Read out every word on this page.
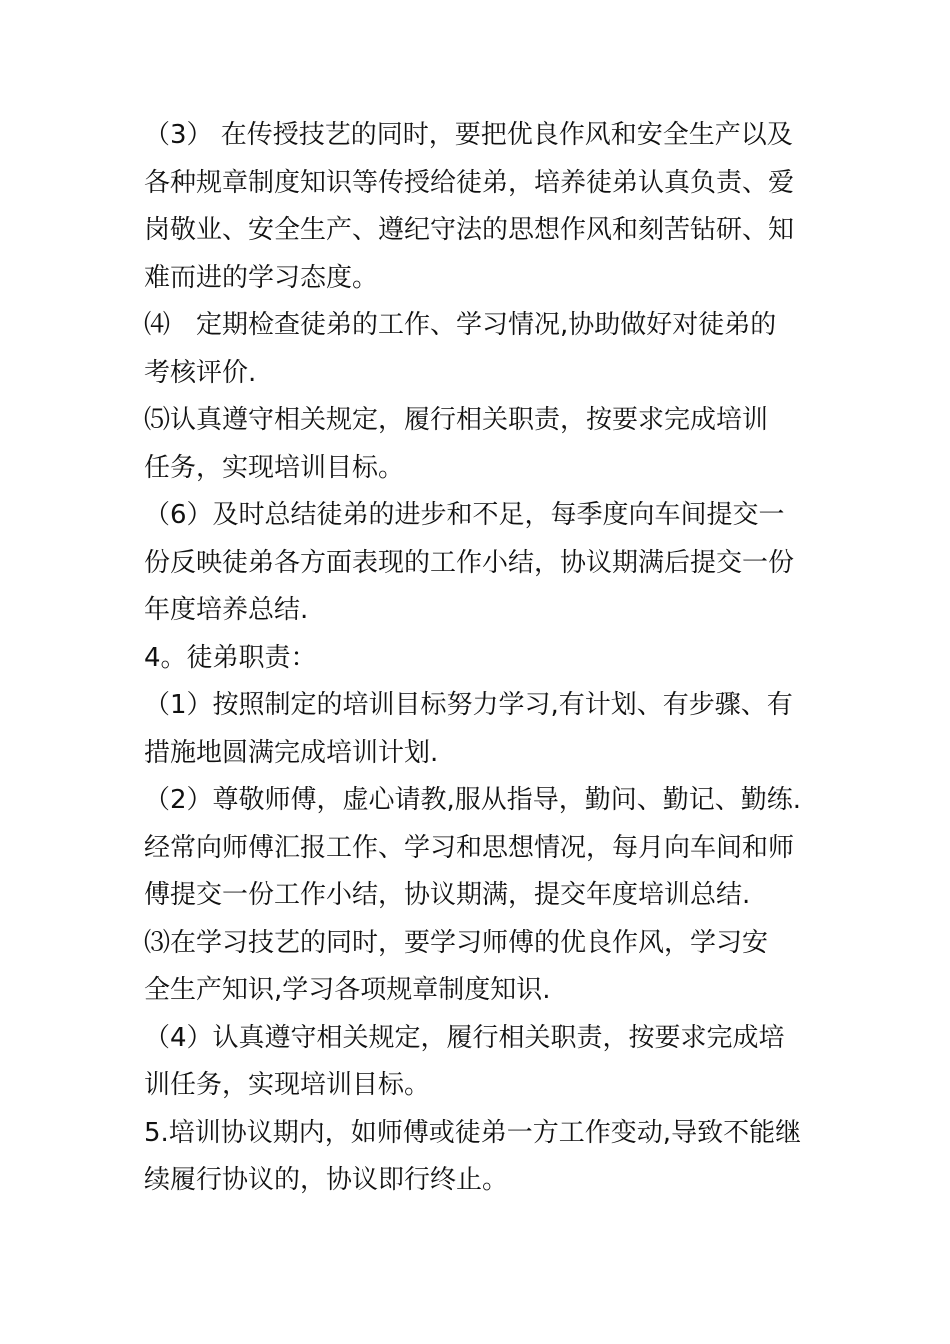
（3） 在传授技艺的同时，要把优良作风和安全生产以及
各种规章制度知识等传授给徒弟，培养徒弟认真负责、爱
岗敬业、安全生产、遵纪守法的思想作风和刻苦钻研、知
难而进的学习态度。
⑷　定期检查徒弟的工作、学习情况,协助做好对徒弟的
考核评价.
⑸认真遵守相关规定，履行相关职责，按要求完成培训
任务，实现培训目标。
（6）及时总结徒弟的进步和不足，每季度向车间提交一
份反映徒弟各方面表现的工作小结，协议期满后提交一份
年度培养总结.
4。徒弟职责：
（1）按照制定的培训目标努力学习,有计划、有步骤、有
措施地圆满完成培训计划.
（2）尊敬师傅，虚心请教,服从指导，勤问、勤记、勤练.
经常向师傅汇报工作、学习和思想情况，每月向车间和师
傅提交一份工作小结，协议期满，提交年度培训总结.
⑶在学习技艺的同时，要学习师傅的优良作风，学习安
全生产知识,学习各项规章制度知识.
（4）认真遵守相关规定，履行相关职责，按要求完成培
训任务，实现培训目标。
5.培训协议期内，如师傅或徒弟一方工作变动,导致不能继
续履行协议的，协议即行终止。
